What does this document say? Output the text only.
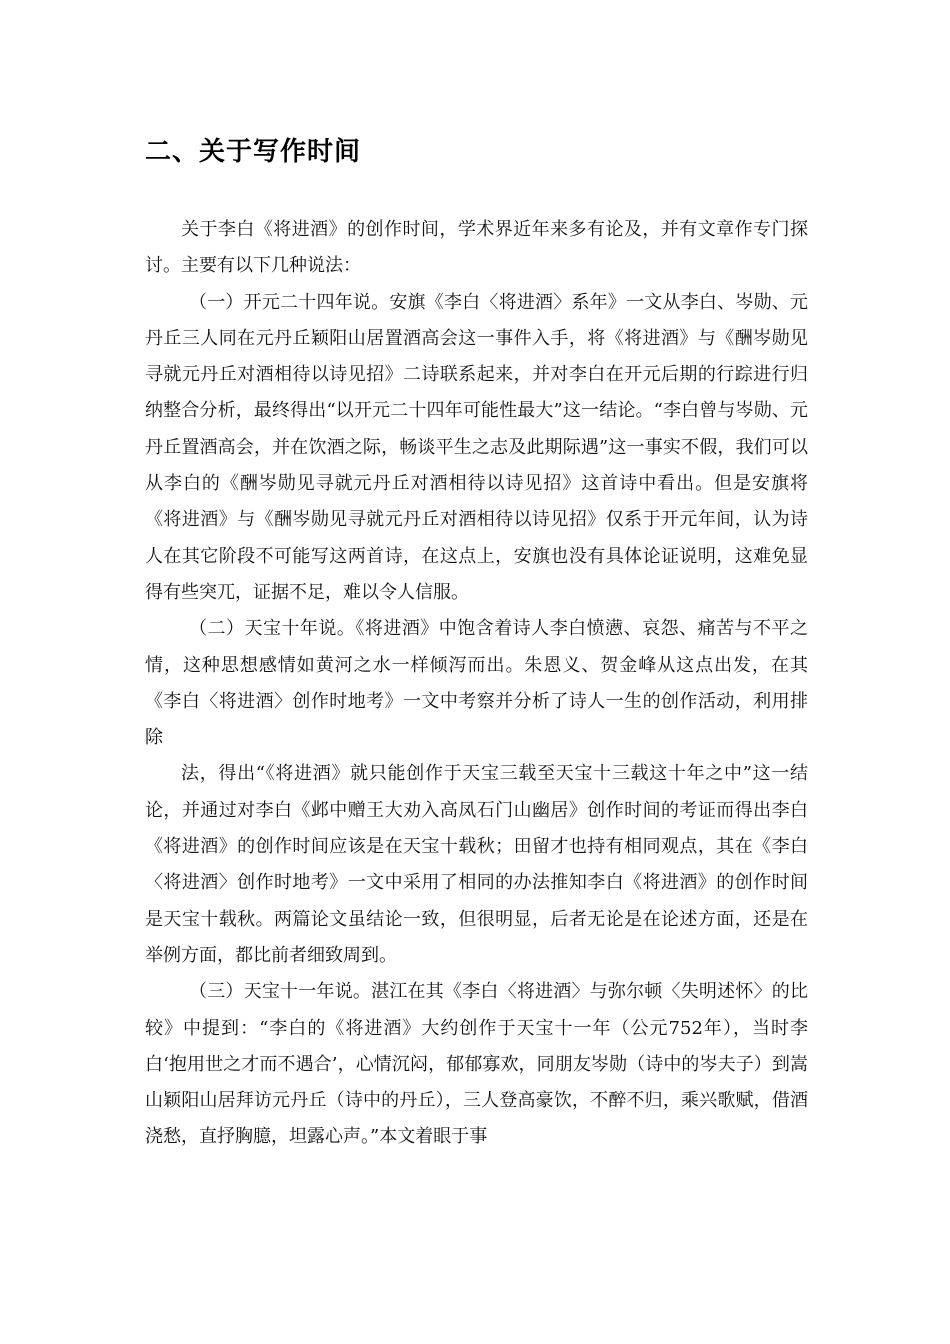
二、关于写作时间

关于李白《将进酒》的创作时间，学术界近年来多有论及，并有文章作专门探讨。主要有以下几种说法：

（一）开元二十四年说。安旗《李白〈将进酒〉系年》一文从李白、岑勋、元丹丘三人同在元丹丘颖阳山居置酒高会这一事件入手，将《将进酒》与《酬岑勋见寻就元丹丘对酒相待以诗见招》二诗联系起来，并对李白在开元后期的行踪进行归纳整合分析，最终得出“以开元二十四年可能性最大”这一结论。“李白曾与岑勋、元丹丘置酒高会，并在饮酒之际，畅谈平生之志及此期际遇”这一事实不假，我们可以从李白的《酬岑勋见寻就元丹丘对酒相待以诗见招》这首诗中看出。但是安旗将《将进酒》与《酬岑勋见寻就元丹丘对酒相待以诗见招》仅系于开元年间，认为诗人在其它阶段不可能写这两首诗，在这点上，安旗也没有具体论证说明，这难免显得有些突兀，证据不足，难以令人信服。

（二）天宝十年说。《将进酒》中饱含着诗人李白愤懑、哀怨、痛苦与不平之情，这种思想感情如黄河之水一样倾泻而出。朱恩义、贺金峰从这点出发，在其《李白〈将进酒〉创作时地考》一文中考察并分析了诗人一生的创作活动，利用排除

法，得出“《将进酒》就只能创作于天宝三载至天宝十三载这十年之中”这一结论，并通过对李白《邺中赠王大劝入高凤石门山幽居》创作时间的考证而得出李白《将进酒》的创作时间应该是在天宝十载秋；田留才也持有相同观点，其在《李白〈将进酒〉创作时地考》一文中采用了相同的办法推知李白《将进酒》的创作时间是天宝十载秋。两篇论文虽结论一致，但很明显，后者无论是在论述方面，还是在举例方面，都比前者细致周到。

（三）天宝十一年说。湛江在其《李白〈将进酒〉与弥尔顿〈失明述怀〉的比较》中提到：“李白的《将进酒》大约创作于天宝十一年（公元752年），当时李白‘抱用世之才而不遇合’，心情沉闷，郁郁寡欢，同朋友岑勋（诗中的岑夫子）到嵩山颖阳山居拜访元丹丘（诗中的丹丘），三人登高豪饮，不醉不归，乘兴歌赋，借酒浇愁，直抒胸臆，坦露心声。”本文着眼于事
